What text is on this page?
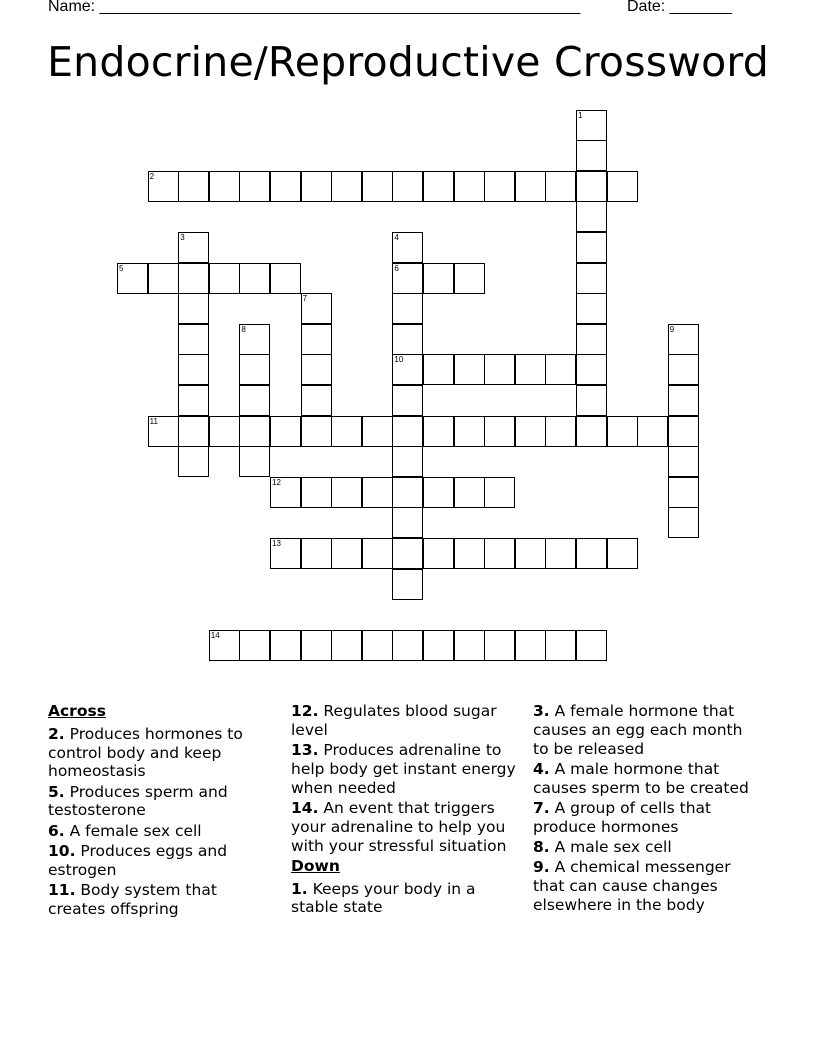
Name: ______________________________________________________	Date: _______
Endocrine/Reproductive Crossword
1
2
3	4
6
10
5
7
8	9
11
12
13
14
Across
2. Produces hormones to control body and keep homeostasis
5. Produces sperm and testosterone
6. A female sex cell
10. Produces eggs and estrogen
11. Body system that creates offspring
12. Regulates blood sugar level
13. Produces adrenaline to help body get instant energy when needed
14. An event that triggers your adrenaline to help you with your stressful situation
Down
1. Keeps your body in a stable state
3. A female hormone that causes an egg each month to be released
4. A male hormone that causes sperm to be created
7. A group of cells that produce hormones
8. A male sex cell
9. A chemical messenger that can cause changes elsewhere in the body
